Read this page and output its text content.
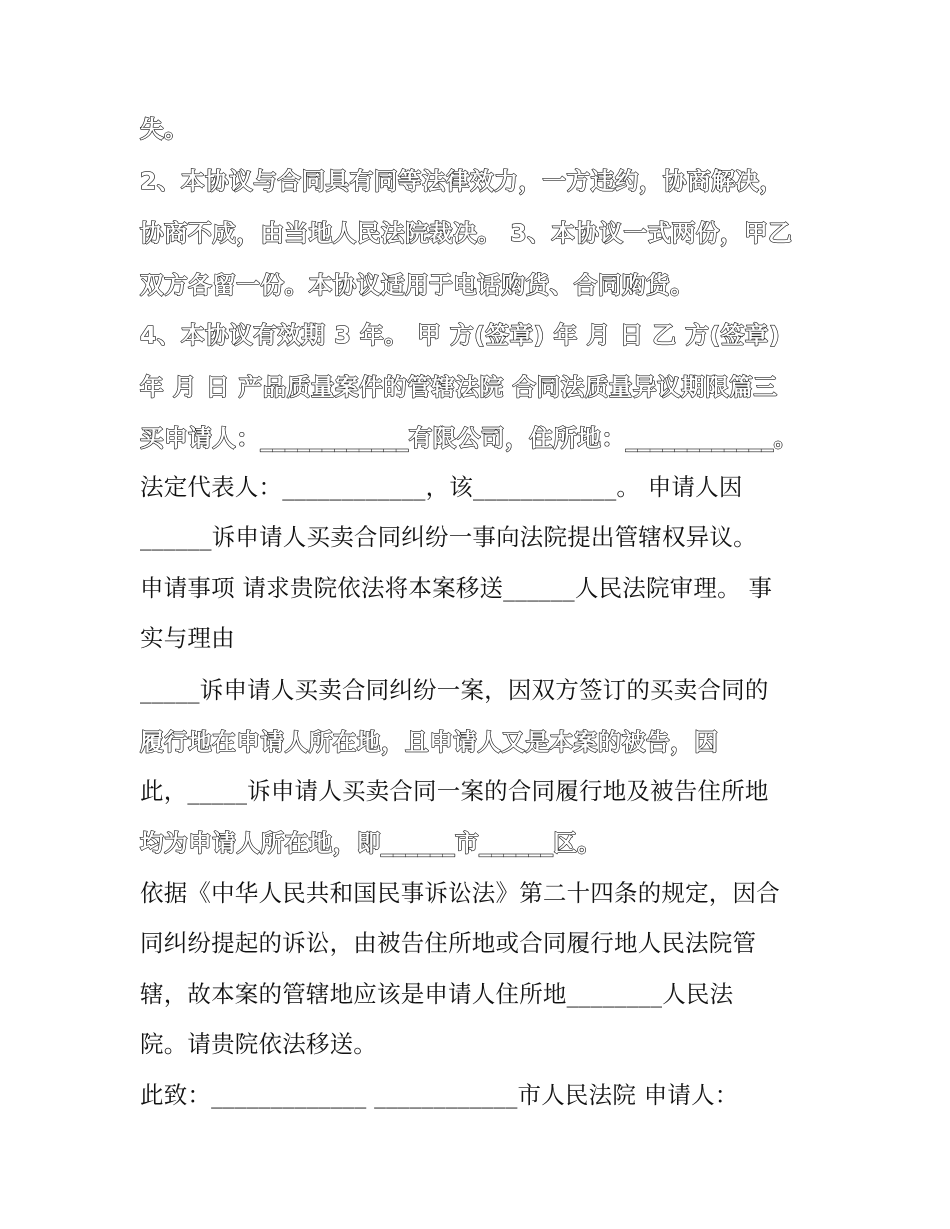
失。
2、本协议与合同具有同等法律效力，一方违约，协商解决，
协商不成，由当地人民法院裁决。 3、本协议一式两份，甲乙
双方各留一份。本协议适用于电话购货、合同购货。
4、本协议有效期 3 年。 甲 方(签章) 年 月 日 乙 方(签章)
年 月 日 产品质量案件的管辖法院 合同法质量异议期限篇三
买申请人：____________有限公司，住所地：____________。
法定代表人：____________，该____________。 申请人因
______诉申请人买卖合同纠纷一事向法院提出管辖权异议。
申请事项 请求贵院依法将本案移送______人民法院审理。 事
实与理由
_____诉申请人买卖合同纠纷一案，因双方签订的买卖合同的
履行地在申请人所在地，且申请人又是本案的被告，因
此，_____诉申请人买卖合同一案的合同履行地及被告住所地
均为申请人所在地，即______市______区。
依据《中华人民共和国民事诉讼法》第二十四条的规定，因合
同纠纷提起的诉讼，由被告住所地或合同履行地人民法院管
辖，故本案的管辖地应该是申请人住所地________人民法
院。请贵院依法移送。
此致：_____________ ____________市人民法院 申请人：
